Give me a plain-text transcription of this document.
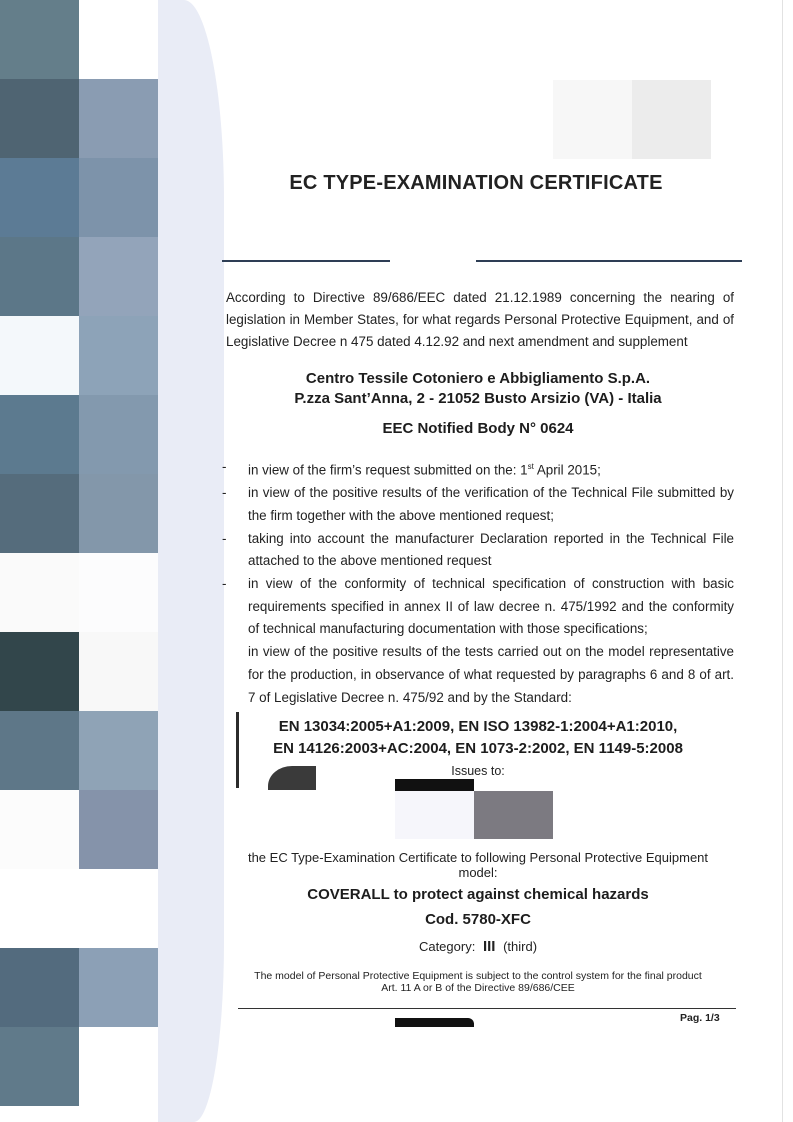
EC TYPE-EXAMINATION CERTIFICATE
According to Directive 89/686/EEC dated 21.12.1989 concerning the nearing of legislation in Member States, for what regards Personal Protective Equipment, and of Legislative Decree n 475 dated 4.12.92 and next amendment and supplement
Centro Tessile Cotoniero e Abbigliamento S.p.A.
P.zza Sant’Anna, 2 - 21052 Busto Arsizio (VA) - Italia
EEC Notified Body N° 0624
- in view of the firm’s request submitted on the: 1st April 2015;
- in view of the positive results of the verification of the Technical File submitted by the firm together with the above mentioned request;
- taking into account the manufacturer Declaration reported in the Technical File attached to the above mentioned request
- in view of the conformity of technical specification of construction with basic requirements specified in annex II of law decree n. 475/1992 and the conformity of technical manufacturing documentation with those specifications;
in view of the positive results of the tests carried out on the model representative for the production, in observance of what requested by paragraphs 6 and 8 of art. 7 of Legislative Decree n. 475/92 and by the Standard:
EN 13034:2005+A1:2009, EN ISO 13982-1:2004+A1:2010,
EN 14126:2003+AC:2004, EN 1073-2:2002, EN 1149-5:2008
Issues to:
the EC Type-Examination Certificate to following Personal Protective Equipment model:
COVERALL to protect against chemical hazards
Cod. 5780-XFC
Category: III (third)
The model of Personal Protective Equipment is subject to the control system for the final product
Art. 11 A or B of the Directive 89/686/CEE
Pag. 1/3
